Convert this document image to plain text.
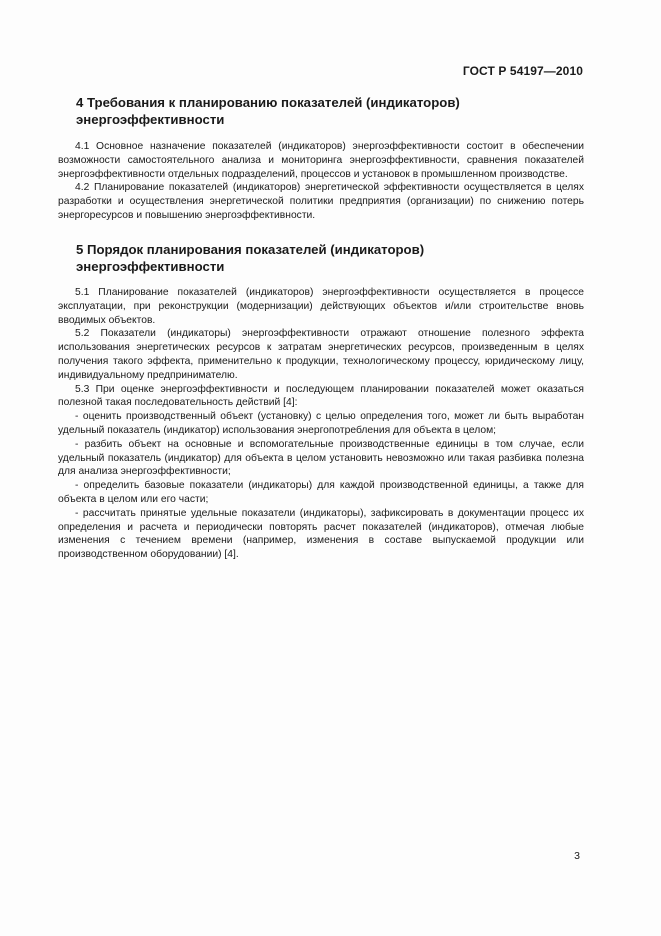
ГОСТ Р 54197—2010
4 Требования к планированию показателей (индикаторов) энергоэффективности

4.1 Основное назначение показателей (индикаторов) энергоэффективности состоит в обеспечении возможности самостоятельного анализа и мониторинга энергоэффективности, сравнения показателей энергоэффективности отдельных подразделений, процессов и установок в промышленном производстве.

4.2 Планирование показателей (индикаторов) энергетической эффективности осуществляется в целях разработки и осуществления энергетической политики предприятия (организации) по снижению потерь энергоресурсов и повышению энергоэффективности.

5 Порядок планирования показателей (индикаторов) энергоэффективности

5.1 Планирование показателей (индикаторов) энергоэффективности осуществляется в процессе эксплуатации, при реконструкции (модернизации) действующих объектов и/или строительстве вновь вводимых объектов.

5.2 Показатели (индикаторы) энергоэффективности отражают отношение полезного эффекта использования энергетических ресурсов к затратам энергетических ресурсов, произведенным в целях получения такого эффекта, применительно к продукции, технологическому процессу, юридическому лицу, индивидуальному предпринимателю.

5.3 При оценке энергоэффективности и последующем планировании показателей может оказаться полезной такая последовательность действий [4]:

- оценить производственный объект (установку) с целью определения того, может ли быть выработан удельный показатель (индикатор) использования энергопотребления для объекта в целом;

- разбить объект на основные и вспомогательные производственные единицы в том случае, если удельный показатель (индикатор) для объекта в целом установить невозможно или такая разбивка полезна для анализа энергоэффективности;

- определить базовые показатели (индикаторы) для каждой производственной единицы, а также для объекта в целом или его части;

- рассчитать принятые удельные показатели (индикаторы), зафиксировать в документации процесс их определения и расчета и периодически повторять расчет показателей (индикаторов), отмечая любые изменения с течением времени (например, изменения в составе выпускаемой продукции или производственном оборудовании) [4].

3
